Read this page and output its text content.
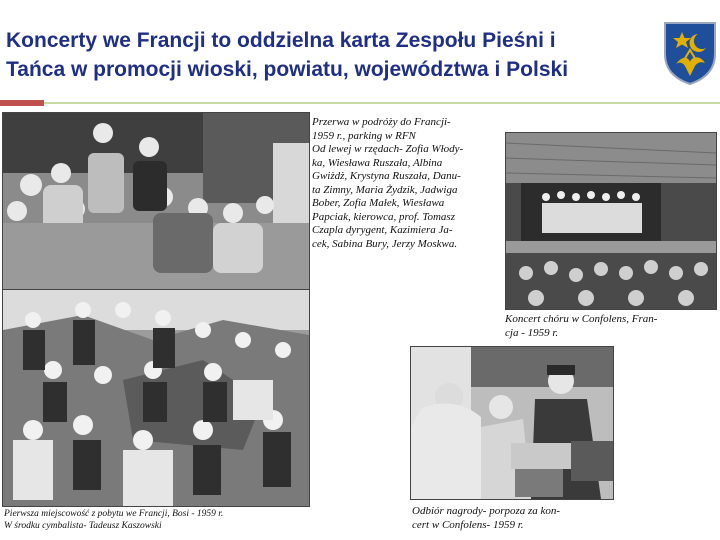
Koncerty we Francji to oddzielna karta Zespołu Pieśni i
Tańca w promocji wioski, powiatu, województwa i Polski

Przerwa w podróży do Francji-
1959 r., parking w RFN
Od lewej w rzędach- Zofia Włody-
ka, Wiesława Ruszała, Albina
Gwiżdż, Krystyna Ruszała, Danu-
ta Zimny, Maria Żydzik, Jadwiga
Bober, Zofia Małek, Wiesława
Papciak, kierowca, prof. Tomasz
Czapla dyrygent, Kazimiera Ja-
cek, Sabina Bury, Jerzy Moskwa.

Koncert chóru w Confolens, Fran-
cja - 1959 r.

Pierwsza miejscowość z pobytu we Francji, Bosi - 1959 r.
W środku cymbalista- Tadeusz Kaszowski

Odbiór nagrody- porpoza za kon-
cert w Confolens- 1959 r.
